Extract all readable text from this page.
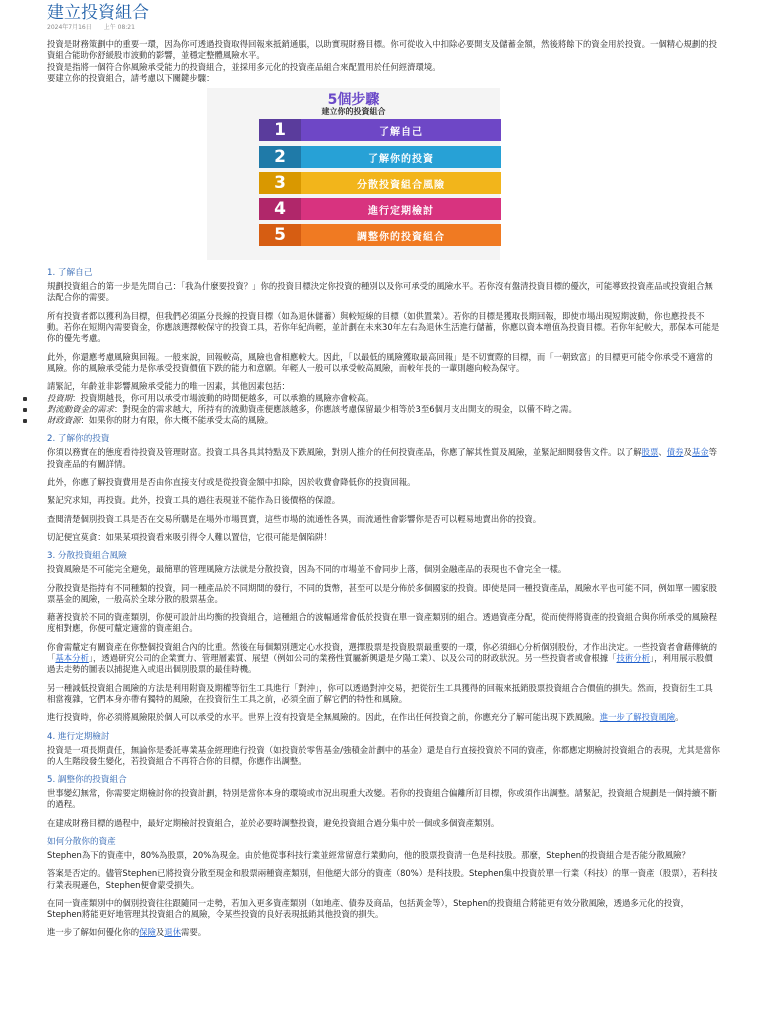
建立投資組合
2024年7月16日　　上午 08:21

投資是財務策劃中的重要一環，因為你可透過投資取得回報來抵銷通脹，以助實現財務目標。你可從收入中扣除必要開支及儲蓄金額，然後將餘下的資金用於投資。一個精心規劃的投資組合能助你舒緩股市波動的影響，並穩定整體風險水平。

投資是指將一個符合你風險承受能力的投資組合，並採用多元化的投資產品組合來配置用於任何經濟環境。

要建立你的投資組合，請考慮以下關鍵步驟：

5個步驟
建立你的投資組合
1	了解自己
2	了解你的投資
3	分散投資組合風險
4	進行定期檢討
5	調整你的投資組合
1. 了解自己

規劃投資組合的第一步是先問自己：「我為什麼要投資？」你的投資目標決定你投資的種別以及你可承受的風險水平。若你沒有盤清投資目標的優次，可能導致投資產品或投資組合無法配合你的需要。

所有投資者都以獲利為目標，但我們必須區分長線的投資目標（如為退休儲蓄）與較短線的目標（如供置業）。若你的目標是獲取長期回報，即使市場出現短期波動，你也應投長不動。若你在短期內需要資金，你應該選擇較保守的投資工具，若你年紀尚輕，並計劃在未來30年左右為退休生活進行儲蓄，你應以資本增值為投資目標。若你年紀較大，那保本可能是你的優先考慮。

此外，你還應考慮風險與回報。一般來說，回報較高，風險也會相應較大。因此，「以最低的風險獲取最高回報」是不切實際的目標，而「一朝致富」的目標更可能令你承受不適當的風險。你的風險承受能力是你承受投資價值下跌的能力和意願。年輕人一般可以承受較高風險，而較年長的一輩則趨向較為保守。

請緊記，年齡並非影響風險承受能力的唯一因素，其他因素包括：

投資期：投資期越長，你可用以承受市場波動的時間便越多，可以承擔的風險亦會較高。

對流動資金的需求：對現金的需求越大，所持有的流動資產便應該越多，你應該考慮保留最少相等於3至6個月支出開支的現金，以備不時之需。

財政資源：如果你的財力有限，你大概不能承受太高的風險。

2. 了解你的投資

你須以務實在的態度看待投資及管理財富。投資工具各具其特點及下跌風險，對別人推介的任何投資產品，你應了解其性質及風險，並緊記細閱發售文件。以了解股票、債券及基金等投資產品的有關詳情。

此外，你應了解投資費用是否由你直接支付或是從投資金額中扣除，因於收費會降低你的投資回報。

緊記究求知，再投資。此外，投資工具的過往表現並不能作為日後價格的保證。

查閱清楚個別投資工具是否在交易所購是在場外市場買賣，這些市場的流通性各異，而流通性會影響你是否可以輕易地賣出你的投資。

切記便宜莫貪：如果某項投資看來吸引得令人難以置信，它很可能是個陷阱！

3. 分散投資組合風險

投資風險是不可能完全避免，最簡單的管理風險方法就是分散投資，因為不同的市場並不會同步上落，個別金融產品的表現也不會完全一樣。

分散投資是指持有不同種類的投資，同一種產品於不同期間的發行，不同的貨幣，甚至可以是分佈於多個國家的投資。即使是同一種投資產品，風險水平也可能不同，例如單一國家股票基金的風險，一般高於全球分散的股票基金。

藉著投資於不同的資產類別，你便可設計出均衡的投資組合，這種組合的波幅通常會低於投資在單一資產類別的組合。透過資產分配，從而使得將資產的投資組合與你所承受的風險程度相對應，你便可釐定適當的資產組合。

你會需釐定有關資產在你整個投資組合內的比重。然後在每個類別選定心水投資，選擇股票是投資股票最重要的一環，你必須細心分析個別股份，才作出決定。一些投資者會藉傳統的「基本分析」，透過研究公司的企業實力、管理層素質、展望（例如公司的業務性質屬新興還是夕陽工業）、以及公司的財政狀況。另一些投資者或會根據「技術分析」，利用展示股價過去走勢的圖表以捕捉進入或退出個別股票的最佳時機。

另一種減低投資組合風險的方法是利用附資及期權等衍生工具進行「對沖」，你可以透過對沖交易，把從衍生工具獲得的回報來抵銷股票投資組合合價值的損失。然而，投資衍生工具相當複雜，它們本身亦帶有獨特的風險，在投資衍生工具之前，必須全面了解它們的特性和風險。

進行投資時，你必須將風險限於個人可以承受的水平。世界上沒有投資是全無風險的。因此，在作出任何投資之前，你應充分了解可能出現下跌風險。進一步了解投資風險。

4. 進行定期檢討

投資是一項長期責任，無論你是委託專業基金經理進行投資（如投資於零售基金/強積金計劃中的基金）還是自行直接投資於不同的資產，你都應定期檢討投資組合的表現，尤其是當你的人生階段發生變化，若投資組合不再符合你的目標，你應作出調整。

5. 調整你的投資組合

世事變幻無常，你需要定期檢討你的投資計劃，特別是當你本身的環境或市況出現重大改變。若你的投資組合偏離所訂目標，你或須作出調整。請緊記，投資組合規劃是一個持續不斷的過程。

在建成財務目標的過程中，最好定期檢討投資組合，並於必要時調整投資，避免投資組合過分集中於一個或多個資產類別。

如何分散你的資產

Stephen為下的資產中，80%為股票，20%為現金。由於他從事科技行業並經常留意行業動向，他的股票投資清一色是科技股。那麼，Stephen的投資組合是否能分散風險？

答案是否定的。儘管Stephen已將投資分散至現金和股票兩種資產類別，但他絕大部分的資產（80%）是科技股。Stephen集中投資於單一行業（科技）的單一資產（股票），若科技行業表現遜色，Stephen便會蒙受損失。

在同一資產類別中的個別投資往往跟隨同一走勢，若加入更多資產類別（如地產、債券及商品，包括黃金等），Stephen的投資組合將能更有效分散風險，透過多元化的投資，Stephen將能更好地管理其投資組合的風險，令某些投資的良好表現抵銷其他投資的損失。

進一步了解如何優化你的保險及退休需要。
